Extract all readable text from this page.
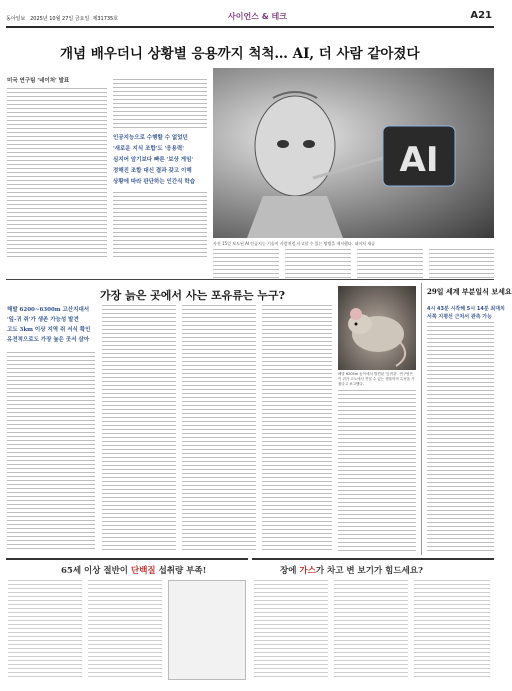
동아일보 2025년 10월 27일 금요일 제31735호	사이언스 & 테크	A21
개념 배우더니 상황별 응용까지 척척… AI, 더 사람 같아졌다
미국 연구팀 '네이처' 발표
인공지능으로 수행할 수 없었던
'새로운 지식 조합'도 '응용력'
심지어 암기보다 빠른 '보상 게임'
정해진 조합 대신 결과 갖고 이해
상황에 따라 판단하는 인간식 학습
AI
사진 15일 보도된 AI 인공지능 기술이 사람처럼 사고할 수 있는 방법을 제시했다. 네이처 제공
가장 늙은 곳에서 사는 포유류는 누구?
해발 6200~6300m 고산지대서
'잎-귀 쥐'가 생존 가능성 발견
고도 3km 이상 지역 쥐 서식 확인
유전적으로도 가장 높은 곳서 살아
해발 6205m 높이에서 발견된 '잎귀쥐'. 연구팀은 이 쥐가 고도에서 견딜 수 있는 생물학적 특성을 가졌다고 보고했다.
29일 세계 부분일식 보세요
4시 43분 시작해 5시 14분 최대치
서쪽 지평선 근처서 관측 가능
65세 이상 절반이 단백질 섭취량 부족!	장에 가스가 차고 변 보기가 힘드세요?
